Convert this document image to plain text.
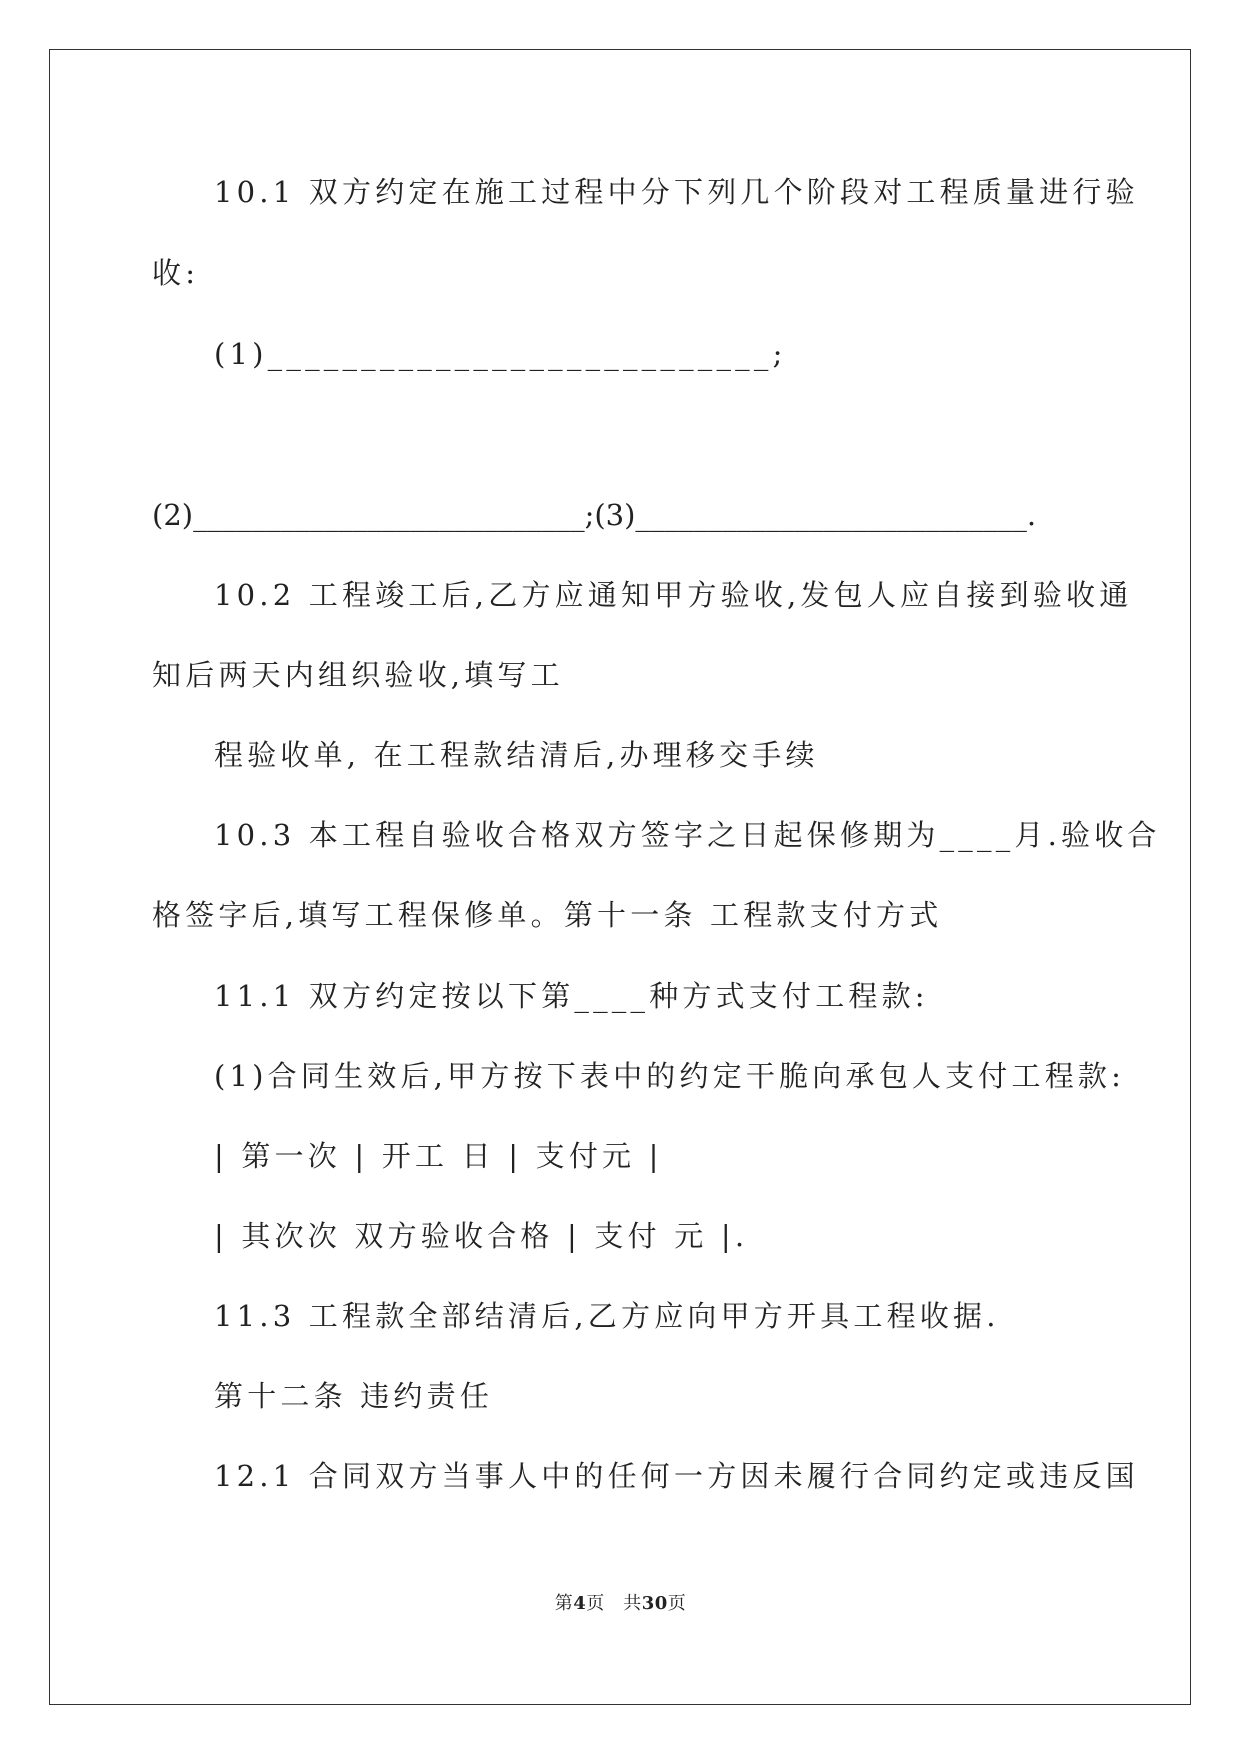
10.1 双方约定在施工过程中分下列几个阶段对工程质量进行验
收:
(1)___________________________;
(2)___________________________;(3)___________________________.
10.2 工程竣工后,乙方应通知甲方验收,发包人应自接到验收通
知后两天内组织验收,填写工
程验收单, 在工程款结清后,办理移交手续
10.3 本工程自验收合格双方签字之日起保修期为____月.验收合
格签字后,填写工程保修单。第十一条 工程款支付方式
11.1 双方约定按以下第____种方式支付工程款:
(1)合同生效后,甲方按下表中的约定干脆向承包人支付工程款:
| 第一次 | 开工 日 | 支付元 |
| 其次次 双方验收合格 | 支付 元 |.
11.3 工程款全部结清后,乙方应向甲方开具工程收据.
第十二条 违约责任
12.1 合同双方当事人中的任何一方因未履行合同约定或违反国
第4页　共30页
